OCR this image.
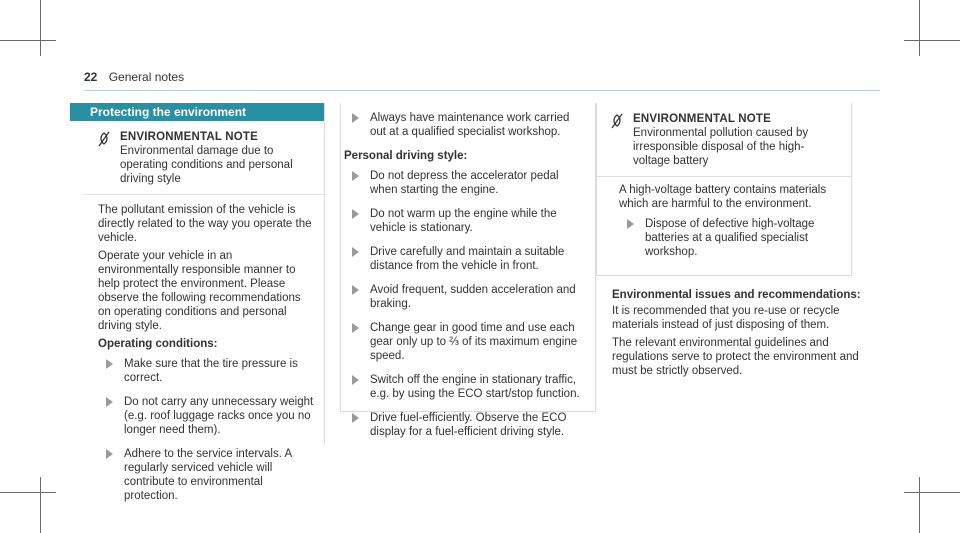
22 General notes
Protecting the environment
ENVIRONMENTAL NOTE Environmental damage due to operating conditions and personal driving style

The pollutant emission of the vehicle is directly related to the way you operate the vehicle.

Operate your vehicle in an environmentally responsible manner to help protect the environment. Please observe the following recommendations on operating conditions and personal driving style.

Operating conditions:
Make sure that the tire pressure is correct.
Do not carry any unnecessary weight (e.g. roof luggage racks once you no longer need them).
Adhere to the service intervals. A regularly serviced vehicle will contribute to environmental protection.
Always have maintenance work carried out at a qualified specialist workshop.
Personal driving style:
Do not depress the accelerator pedal when starting the engine.
Do not warm up the engine while the vehicle is stationary.
Drive carefully and maintain a suitable distance from the vehicle in front.
Avoid frequent, sudden acceleration and braking.
Change gear in good time and use each gear only up to ⅔ of its maximum engine speed.
Switch off the engine in stationary traffic, e.g. by using the ECO start/stop function.
Drive fuel-efficiently. Observe the ECO display for a fuel-efficient driving style.
ENVIRONMENTAL NOTE Environmental pollution caused by irresponsible disposal of the high-voltage battery

A high-voltage battery contains materials which are harmful to the environment.

Dispose of defective high-voltage batteries at a qualified specialist workshop.
Environmental issues and recommendations:

It is recommended that you re-use or recycle materials instead of just disposing of them.

The relevant environmental guidelines and regulations serve to protect the environment and must be strictly observed.
